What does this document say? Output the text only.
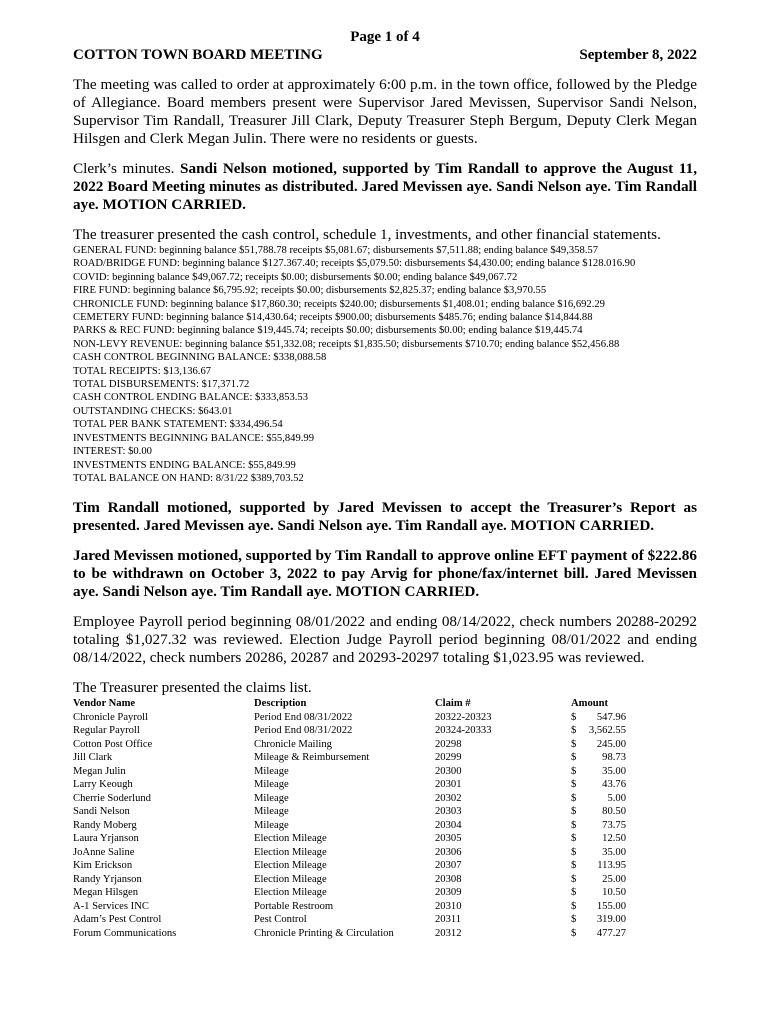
Page 1 of 4
COTTON TOWN BOARD MEETING	September 8, 2022

The meeting was called to order at approximately 6:00 p.m. in the town office, followed by the Pledge of Allegiance. Board members present were Supervisor Jared Mevissen, Supervisor Sandi Nelson, Supervisor Tim Randall, Treasurer Jill Clark, Deputy Treasurer Steph Bergum, Deputy Clerk Megan Hilsgen and Clerk Megan Julin. There were no residents or guests.

Clerk’s minutes. Sandi Nelson motioned, supported by Tim Randall to approve the August 11, 2022 Board Meeting minutes as distributed. Jared Mevissen aye. Sandi Nelson aye. Tim Randall aye. MOTION CARRIED.

The treasurer presented the cash control, schedule 1, investments, and other financial statements.

GENERAL FUND: beginning balance $51,788.78 receipts $5,081.67; disbursements $7,511.88; ending balance $49,358.57
ROAD/BRIDGE FUND: beginning balance $127.367.40; receipts $5,079.50: disbursements $4,430.00; ending balance $128.016.90
COVID: beginning balance $49,067.72; receipts $0.00; disbursements $0.00; ending balance $49,067.72
FIRE FUND: beginning balance $6,795.92; receipts $0.00; disbursements $2,825.37; ending balance $3,970.55
CHRONICLE FUND: beginning balance $17,860.30; receipts $240.00; disbursements $1,408.01; ending balance $16,692.29
CEMETERY FUND: beginning balance $14,430.64; receipts $900.00; disbursements $485.76; ending balance $14,844.88
PARKS & REC FUND: beginning balance $19,445.74; receipts $0.00; disbursements $0.00; ending balance $19,445.74
NON-LEVY REVENUE: beginning balance $51,332.08; receipts $1,835.50; disbursements $710.70; ending balance $52,456.88
CASH CONTROL BEGINNING BALANCE: $338,088.58
TOTAL RECEIPTS: $13,136.67
TOTAL DISBURSEMENTS: $17,371.72
CASH CONTROL ENDING BALANCE: $333,853.53
OUTSTANDING CHECKS: $643.01
TOTAL PER BANK STATEMENT: $334,496.54
INVESTMENTS BEGINNING BALANCE: $55,849.99
INTEREST: $0.00
INVESTMENTS ENDING BALANCE: $55,849.99
TOTAL BALANCE ON HAND: 8/31/22 $389,703.52

Tim Randall motioned, supported by Jared Mevissen to accept the Treasurer’s Report as presented. Jared Mevissen aye. Sandi Nelson aye. Tim Randall aye. MOTION CARRIED.

Jared Mevissen motioned, supported by Tim Randall to approve online EFT payment of $222.86 to be withdrawn on October 3, 2022 to pay Arvig for phone/fax/internet bill. Jared Mevissen aye. Sandi Nelson aye. Tim Randall aye. MOTION CARRIED.

Employee Payroll period beginning 08/01/2022 and ending 08/14/2022, check numbers 20288-20292 totaling $1,027.32 was reviewed. Election Judge Payroll period beginning 08/01/2022 and ending 08/14/2022, check numbers 20286, 20287 and 20293-20297 totaling $1,023.95 was reviewed.

The Treasurer presented the claims list.

Vendor Name	Description	Claim #	Amount
Chronicle Payroll	Period End 08/31/2022	20322-20323	$ 547.96

Regular Payroll	Period End 08/31/2022	20324-20333	$ 3,562.55

Cotton Post Office	Chronicle Mailing	20298	$ 245.00

Jill Clark	Mileage & Reimbursement	20299	$ 98.73

Megan Julin	Mileage	20300	$ 35.00

Larry Keough	Mileage	20301	$ 43.76

Cherrie Soderlund	Mileage	20302	$ 5.00

Sandi Nelson	Mileage	20303	$ 80.50

Randy Moberg	Mileage	20304	$ 73.75

Laura Yrjanson	Election Mileage	20305	$ 12.50

JoAnne Saline	Election Mileage	20306	$ 35.00

Kim Erickson	Election Mileage	20307	$ 113.95

Randy Yrjanson	Election Mileage	20308	$ 25.00

Megan Hilsgen	Election Mileage	20309	$ 10.50

A-1 Services INC	Portable Restroom	20310	$ 155.00

Adam’s Pest Control	Pest Control	20311	$ 319.00

Forum Communications	Chronicle Printing & Circulation	20312	$ 477.27
